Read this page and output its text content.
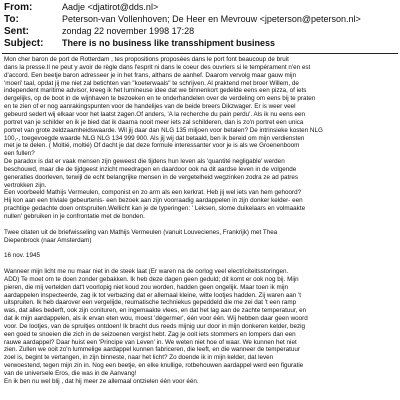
From:	Aadje <djatirot@dds.nl>
To:	Peterson-van Vollenhoven; De Heer en Mevrouw <jpeterson@peterson.nl>
Sent:	zondag 22 november 1998 17:28
Subject: There is no business like transshipment business
Mon cher baron de port de Rotterdam , tes propositions proposées dans le port font beaucoup de bruit
dans la presse.Il ne peut y avoir de règle dans l'esprit ni dans le coeur des ouvriers si le tempérament n'en est
d'accord. Een beetje baron adresseer je in het frans, althans de aanhef. Daarom vervolg maar gauw mijn
'moeri' taal, opdat jij me niet zal betichten van "koeterwaals" te schrijven. Al praktend met broer Willem, de
independent maritime advisor, kreeg ik het lumineuse idee dat we binnenkort gedelde eens een pizza, of iets
dergelijks, op de boot in de wijnhaven te bezoeken en te onderhandelen over de verdeling om eens bij te praten
en te zien of er nog aanrakingspunten voor de handelijes van de beide breers Dikzwager. Er is weer veel
gebeurd sedert wij elkaar voor het laatst zagen.Of anders, 'A la recherche du pain perdu'. Als ik nu eens een
portret van je schilder en ik je bied dat ik daarna nooit meer iets zal schilderen, dan is zo'n portret een unica
portret van grote zeldzaamheidswaarde. Wil jij daar dan NLG 135 miljoen voor betalen? De intrinsieke kosten NLG
100,-, toegevoegde waarde NLG NLG 134 999 900. Als jij wij dat betaald, ben ik bereid om mijn verdiensten
met je te delen. ( Moltié, moltié) Of dacht je dat deze formule interessanter voor je is als we Groenenboom
een fullen?
De paradox is dat er vaak mensen zijn geweest die tijdens hun leven als 'quantité negligable' werden
beschouwd, maar die de tijdgeest inzicht meedragen en daardoor ook na dit aardse leven in de volgende
generaties doorleven, terwijl de echt belangrijke mensen in de vergetelheid wegzinken zodra ze ad patres
vertrokken zijn.
Een voorbeeld Mathijs Vermeulen, componist en zo arm als een kerkrat. Heb jij wel iets van hem gehoord?
Hij kon aan een triviale gebeurtenis- een bezoek aan zijn voorraadig aardappelen in zijn donker kelder- een
prachtige gedachte doen ontspruiten.Wellicht kan je de typeringen: ' Leksen, slome duikelaars en volmaakte
nullen' gebruiken in je confrontatie met de bonden.
Twee citaten uit de briefwisseling van Mathijs Vermeulen (vanuit Louvecienes, Frankrijk) met Thea
Diepenbrock (naar Amsterdam)
16 nov. 1945
Wanneer mijn licht me nu maar niet in de steek laat (Er waren na de oorlog veel electriciteitsstoringen.
ADD) Te moet om te doen zonder gebakken. Ik heb deze dagen geen geduld; dit komt er ook nog bij. Mijn
pieren, die mij vertelden dat't voorlopig niet koud zou worden, hadden geen ongelijk. Maar toen ik mijn
aardappelen inspecteerde, zag ik tot verbazing dat er allemaal kleine, witte lootjes hadden. Zij waren aan 't
uitspruiten. Ik heb daarover een vergelijde, reumatische techniekus gepeddeld die me zei dat 't een ramp
was, dat alles bederft, ook zijn conituren, en ingemaakte vlees, en dat het lag aan de zachte temperatuur, en
dat ik mijn aardappelen, als ik ervan eten wou, moest 'dégermer', één voor één. Wij hebben daar geen woord
voor. De lootjes, van de spruitjes ontdoen! Ik bracht dus reeds mijnig uur door in mijn donkeren kelder, bezig
een goed te snoeien die zich in de seizoenen vergist hebt. Zag je ooit iets stommers en lompers dan een
rauwe aardappel? Daar huist een 'Principe van Leven' in. We weten niet hoe of waar. We kunnen het niet
zien. Zullen we ooit zo'n lummelige aardappel kunnen fabriceren, die leeft, en die wanneer de temperatuur
zoel is, begint te vertangen, in zijn binneste, naar het licht? Zo doende ik in mijn kelder, dat leven
verwoestend, tegen mijn zin in. Nog een beetje, en elke knullige, rotbehouwen aardappel werd een figuratie
van de universele Eros, die was in de Aanvang!
En ik ben nu wel blij , dat hij meer ze allemaal ontzielen één voor één.
